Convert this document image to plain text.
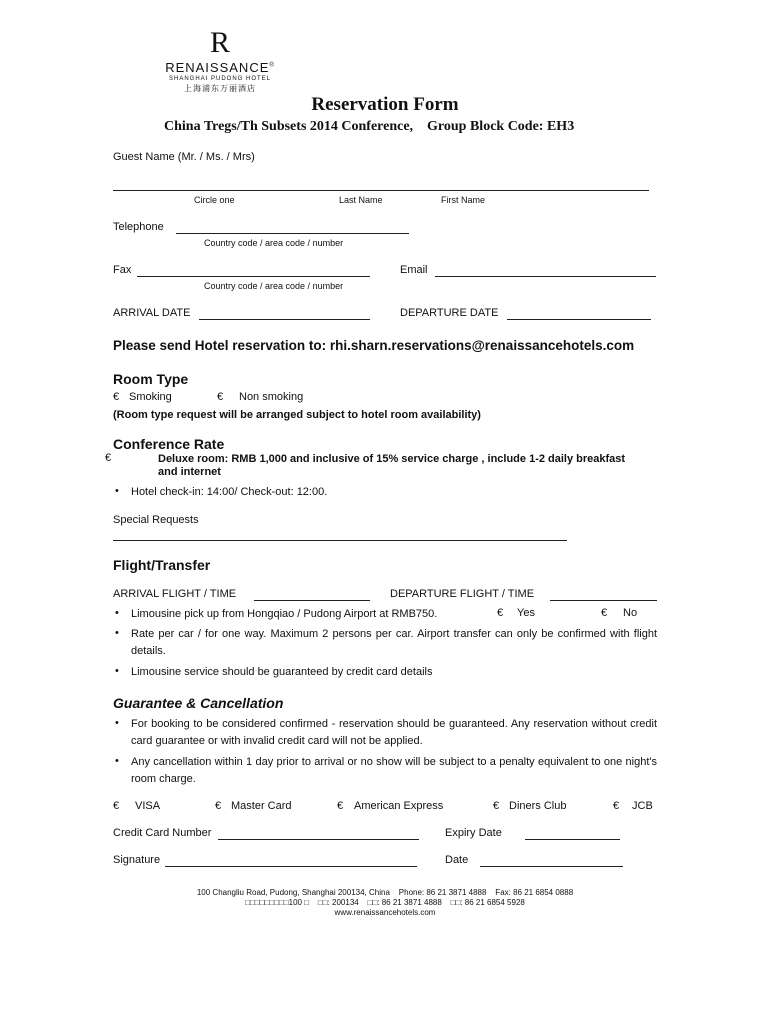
R
RENAISSANCE®
SHANGHAI PUDONG HOTEL
上海浦东万丽酒店
Reservation Form
China Tregs/Th Subsets 2014 Conference,    Group Block Code: EH3
Guest Name (Mr. / Ms. / Mrs)
Circle one	Last Name	First Name
Telephone
Country code / area code / number
Fax
Country code / area code / number
Email
ARRIVAL DATE	DEPARTURE DATE
Please send Hotel reservation to: rhi.sharn.reservations@renaissancehotels.com
Room Type
€ Smoking	€ Non smoking
(Room type request will be arranged subject to hotel room availability)
Conference Rate
€	Deluxe room: RMB 1,000 and inclusive of 15% service charge , include 1-2 daily breakfast
and internet
• Hotel check-in: 14:00/ Check-out: 12:00.
Special Requests
Flight/Transfer
ARRIVAL FLIGHT / TIME	DEPARTURE FLIGHT / TIME
• Limousine pick up from Hongqiao / Pudong Airport at RMB750.	€ Yes	€ No
• Rate per car / for one way. Maximum 2 persons per car. Airport transfer can only be confirmed with flight details.
• Limousine service should be guaranteed by credit card details
Guarantee & Cancellation
• For booking to be considered confirmed - reservation should be guaranteed. Any reservation without credit card guarantee or with invalid credit card will not be applied.
• Any cancellation within 1 day prior to arrival or no show will be subject to a penalty equivalent to one night's      room charge.
€ VISA	€ Master Card	€ American Express	€ Diners Club	€ JCB
Credit Card Number	Expiry Date
Signature	Date
100 Changliu Road, Pudong, Shanghai 200134, China    Phone: 86 21 3871 4888    Fax: 86 21 6854 0888
□□□□□□□□□100 □    □□: 200134    □□: 86 21 3871 4888    □□: 86 21 6854 5928
www.renaissancehotels.com
